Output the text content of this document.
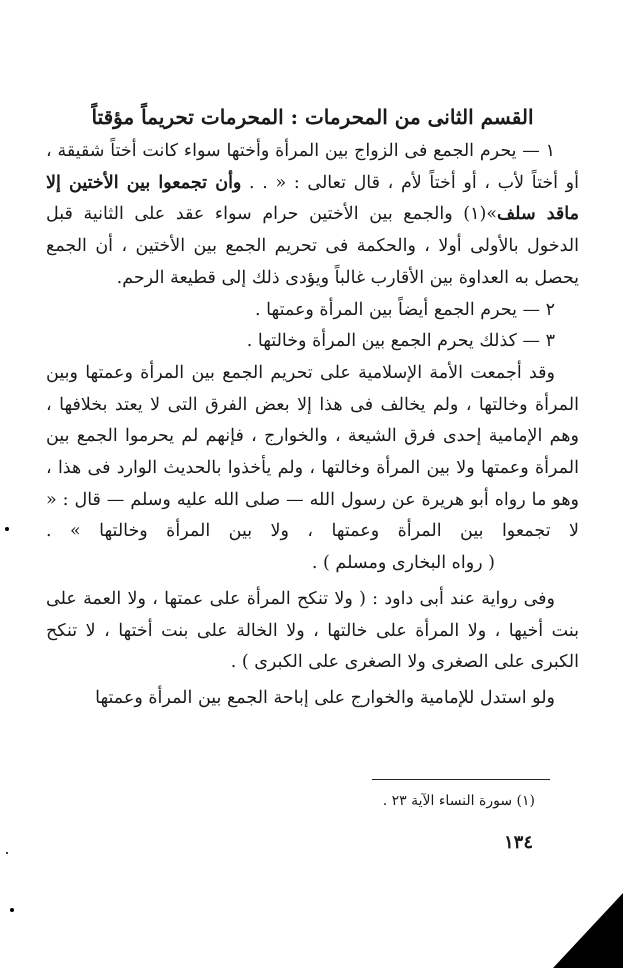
القسم الثانى من المحرمات : المحرمات تحريماً مؤقتاً

١ — يحرم الجمع فى الزواج بين المرأة وأختها سواء كانت أختاً شقيقة ، أو أختاً لأب ، أو أختاً لأم ، قال تعالى : « . . وأن تجمعوا بين الأختين إلا ماقد سلف»(١) والجمع بين الأختين حرام سواء عقد على الثانية قبل الدخول بالأولى أولا ، والحكمة فى تحريم الجمع بين الأختين ، أن الجمع يحصل به العداوة بين الأقارب غالباً ويؤدى ذلك إلى قطيعة الرحم.

٢ — يحرم الجمع أيضاً بين المرأة وعمتها .

٣ — كذلك يحرم الجمع بين المرأة وخالتها .

وقد أجمعت الأمة الإسلامية على تحريم الجمع بين المرأة وعمتها وبين المرأة وخالتها ، ولم يخالف فى هذا إلا بعض الفرق التى لا يعتد بخلافها ، وهم الإمامية إحدى فرق الشيعة ، والخوارج ، فإنهم لم يحرموا الجمع بين المرأة وعمتها ولا بين المرأة وخالتها ، ولم يأخذوا بالحديث الوارد فى هذا ، وهو ما رواه أبو هريرة عن رسول الله — صلى الله عليه وسلم — قال : « لا تجمعوا بين المرأة وعمتها ، ولا بين المرأة وخالتها » .( رواه البخارى ومسلم ) .

وفى رواية عند أبى داود : ( ولا تنكح المرأة على عمتها ، ولا العمة على بنت أخيها ، ولا المرأة على خالتها ، ولا الخالة على بنت أختها ، لا تنكح الكبرى على الصغرى ولا الصغرى على الكبرى ) .

ولو استدل للإمامية والخوارج على إباحة الجمع بين المرأة وعمتها

(١) سورة النساء الآية ٢٣ .
١٣٤
